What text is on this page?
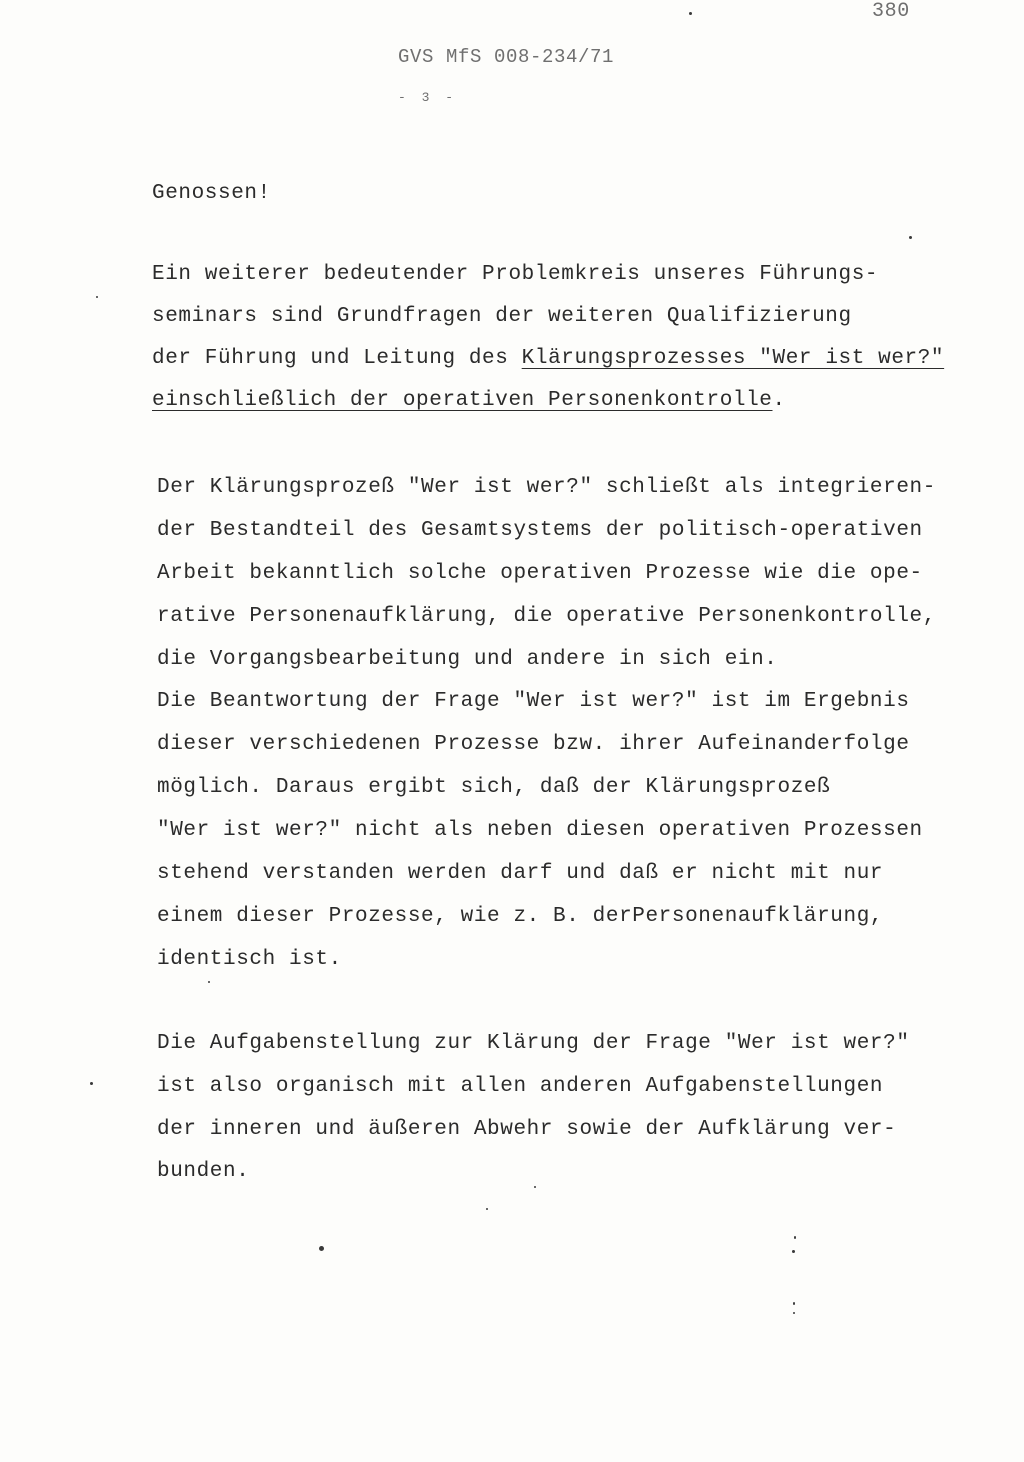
380
GVS MfS 008-234/71
- 3 -
Genossen!
Ein weiterer bedeutender Problemkreis unseres Führungs-
seminars sind Grundfragen der weiteren Qualifizierung
der Führung und Leitung des Klärungsprozesses "Wer ist wer?"
einschließlich der operativen Personenkontrolle.
Der Klärungsprozeß "Wer ist wer?" schließt als integrieren-
der Bestandteil des Gesamtsystems der politisch-operativen
Arbeit bekanntlich solche operativen Prozesse wie die ope-
rative Personenaufklärung, die operative Personenkontrolle,
die Vorgangsbearbeitung und andere in sich ein.
Die Beantwortung der Frage "Wer ist wer?" ist im Ergebnis
dieser verschiedenen Prozesse bzw. ihrer Aufeinanderfolge
möglich. Daraus ergibt sich, daß der Klärungsprozeß
"Wer ist wer?" nicht als neben diesen operativen Prozessen
stehend verstanden werden darf und daß er nicht mit nur
einem dieser Prozesse, wie z. B. derPersonenaufklärung,
identisch ist.
Die Aufgabenstellung zur Klärung der Frage "Wer ist wer?"
ist also organisch mit allen anderen Aufgabenstellungen
der inneren und äußeren Abwehr sowie der Aufklärung ver-
bunden.
